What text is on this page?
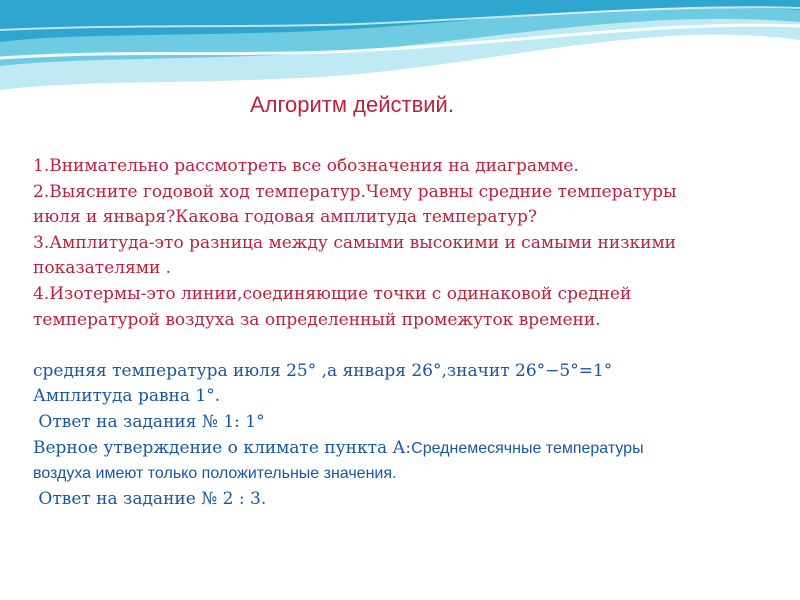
Алгоритм действий.

1.Внимательно рассмотреть все обозначения на диаграмме.

2.Выясните годовой ход температур.Чему равны средние температуры

июля и января?Какова годовая амплитуда температур?

3.Амплитуда-это разница между самыми высокими и самыми низкими

показателями .

4.Изотермы-это линии,соединяющие точки с одинаковой средней

температурой воздуха за определенный промежуток времени.

средняя температура июля 25° ,а января 26°,значит 26°−5°=1°

Амплитуда равна 1°.

Ответ на задания № 1: 1°

Верное утверждение о климате пункта А:Среднемесячные температуры

воздуха имеют только положительные значения.

Ответ на задание № 2 : 3.
